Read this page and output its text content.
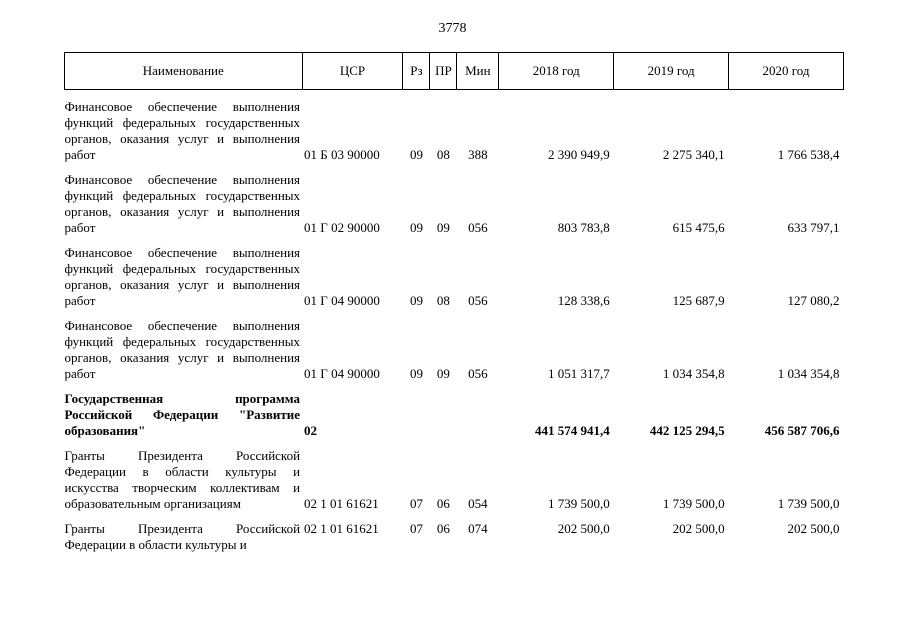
3778
Наименование	ЦСР	Рз	ПР	Мин	2018 год	2019 год	2020 год

Финансовое обеспечение выполнения функций федеральных государственных органов, оказания услуг и выполнения работ	01 Б 03 90000	09	08	388	2 390 949,9	2 275 340,1	1 766 538,4

Финансовое обеспечение выполнения функций федеральных государственных органов, оказания услуг и выполнения работ	01 Г 02 90000	09	09	056	803 783,8	615 475,6	633 797,1

Финансовое обеспечение выполнения функций федеральных государственных органов, оказания услуг и выполнения работ	01 Г 04 90000	09	08	056	128 338,6	125 687,9	127 080,2

Финансовое обеспечение выполнения функций федеральных государственных органов, оказания услуг и выполнения работ	01 Г 04 90000	09	09	056	1 051 317,7	1 034 354,8	1 034 354,8

Государственная программа Российской Федерации "Развитие образования"	02				441 574 941,4	442 125 294,5	456 587 706,6

Гранты Президента Российской Федерации в области культуры и искусства творческим коллективам и образовательным организациям	02 1 01 61621	07	06	054	1 739 500,0	1 739 500,0	1 739 500,0

Гранты Президента Российской Федерации в области культуры и	02 1 01 61621	07	06	074	202 500,0	202 500,0	202 500,0
